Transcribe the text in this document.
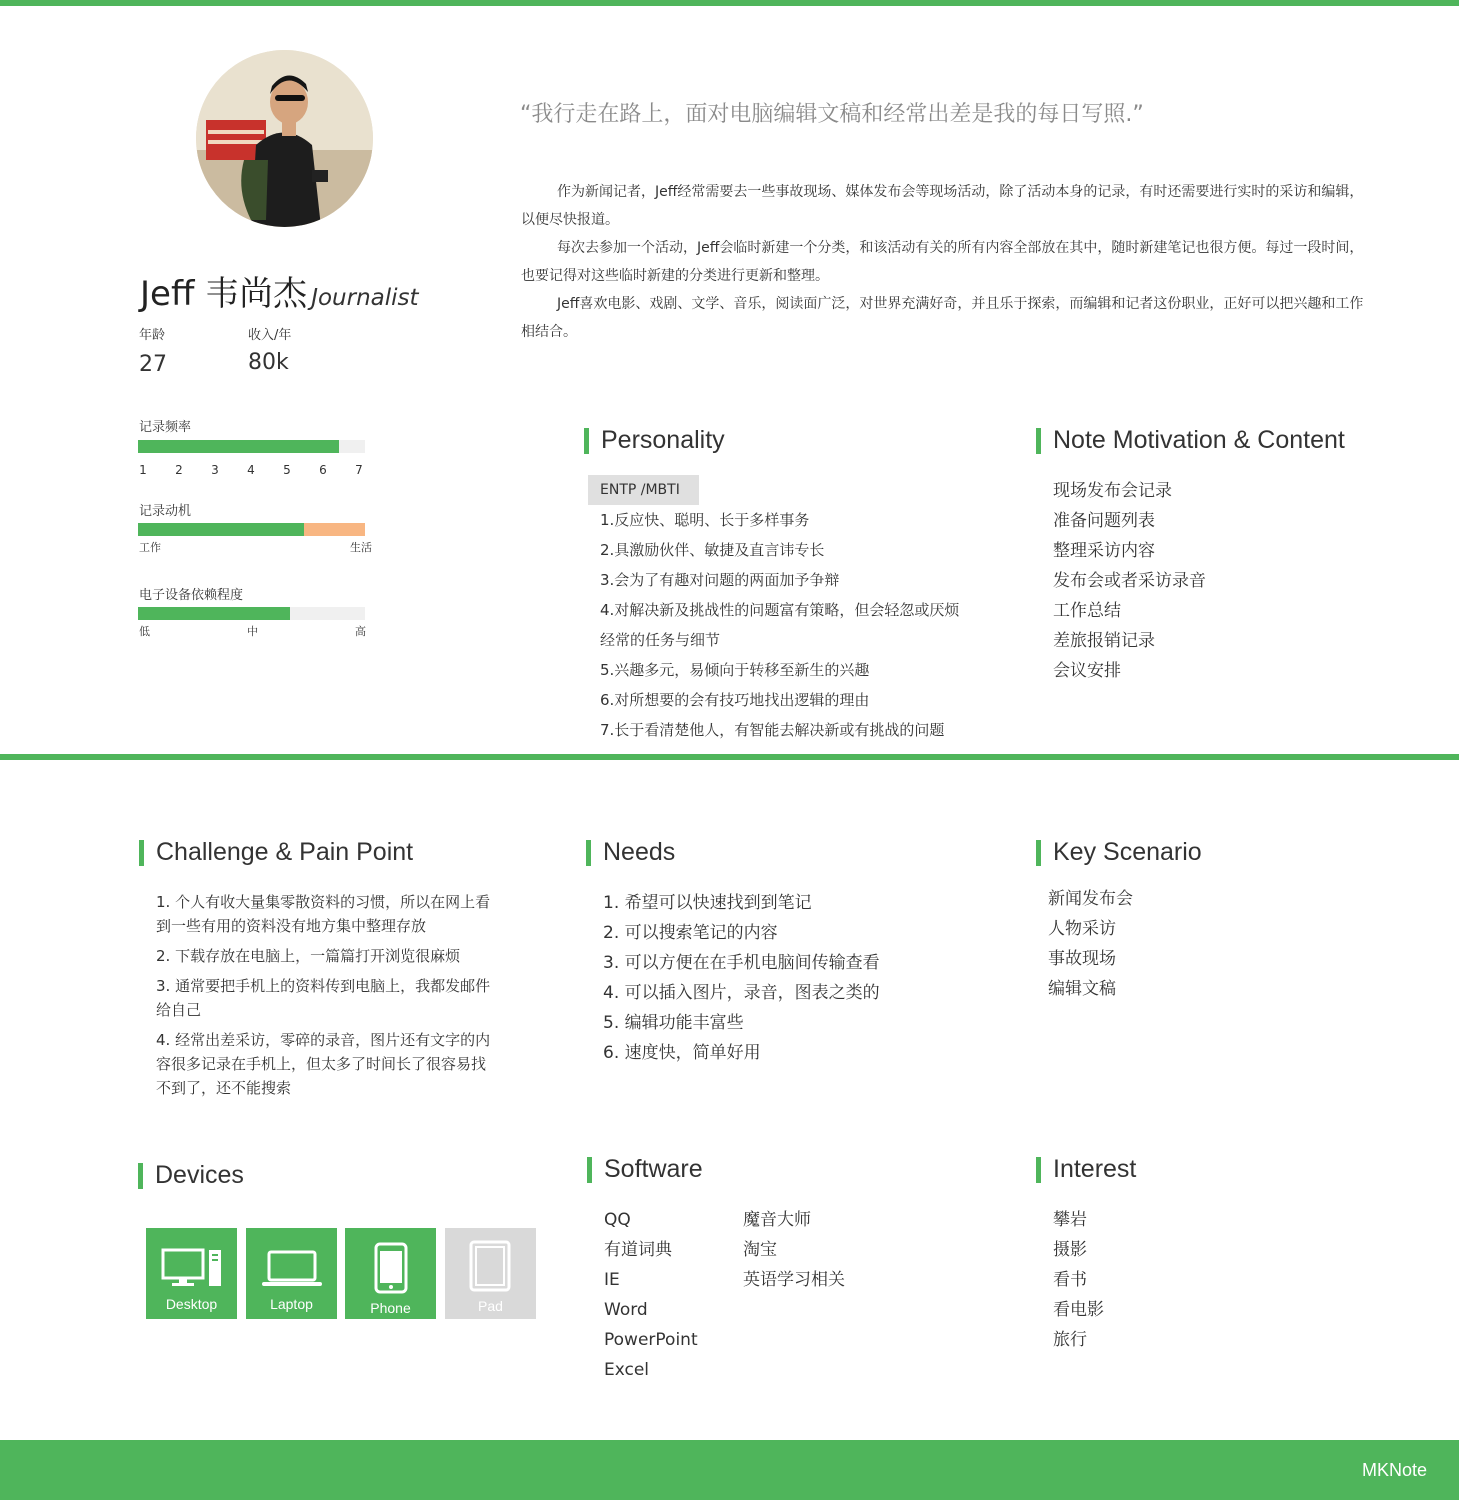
MKNote
Jeff 韦尚杰 Journalist
年龄	收入/年
27	80k
记录频率
1	2	3	4	5	6	7
记录动机
工作	生活
电子设备依赖程度
低	中	高
“我行走在路上，面对电脑编辑文稿和经常出差是我的每日写照.”

作为新闻记者，Jeff经常需要去一些事故现场、媒体发布会等现场活动，除了活动本身的记录，有时还需要进行实时的采访和编辑，以便尽快报道。

每次去参加一个活动，Jeff会临时新建一个分类，和该活动有关的所有内容全部放在其中，随时新建笔记也很方便。每过一段时间，也要记得对这些临时新建的分类进行更新和整理。

Jeff喜欢电影、戏剧、文学、音乐，阅读面广泛，对世界充满好奇，并且乐于探索，而编辑和记者这份职业，正好可以把兴趣和工作相结合。

Personality
ENTP /MBTI
1.反应快、聪明、长于多样事务
2.具激励伙伴、敏捷及直言讳专长
3.会为了有趣对问题的两面加予争辩
4.对解决新及挑战性的问题富有策略，但会轻忽或厌烦
经常的任务与细节
5.兴趣多元，易倾向于转移至新生的兴趣
6.对所想要的会有技巧地找出逻辑的理由
7.长于看清楚他人，有智能去解决新或有挑战的问题
Note Motivation & Content
现场发布会记录
准备问题列表
整理采访内容
发布会或者采访录音
工作总结
差旅报销记录
会议安排
Challenge & Pain Point
1. 个人有收大量集零散资料的习惯，所以在网上看到一些有用的资料没有地方集中整理存放
2. 下载存放在电脑上，一篇篇打开浏览很麻烦
3. 通常要把手机上的资料传到电脑上，我都发邮件给自己
4. 经常出差采访，零碎的录音，图片还有文字的内容很多记录在手机上，但太多了时间长了很容易找不到了，还不能搜索
Needs
1. 希望可以快速找到到笔记
2. 可以搜索笔记的内容
3. 可以方便在在手机电脑间传输查看
4. 可以插入图片，录音，图表之类的
5. 编辑功能丰富些
6. 速度快，简单好用
Key Scenario
新闻发布会
人物采访
事故现场
编辑文稿
Devices
Desktop	Laptop	Phone	Pad
Software
QQ
有道词典
IE
Word
PowerPoint
Excel
魔音大师
淘宝
英语学习相关
Interest
攀岩
摄影
看书
看电影
旅行
